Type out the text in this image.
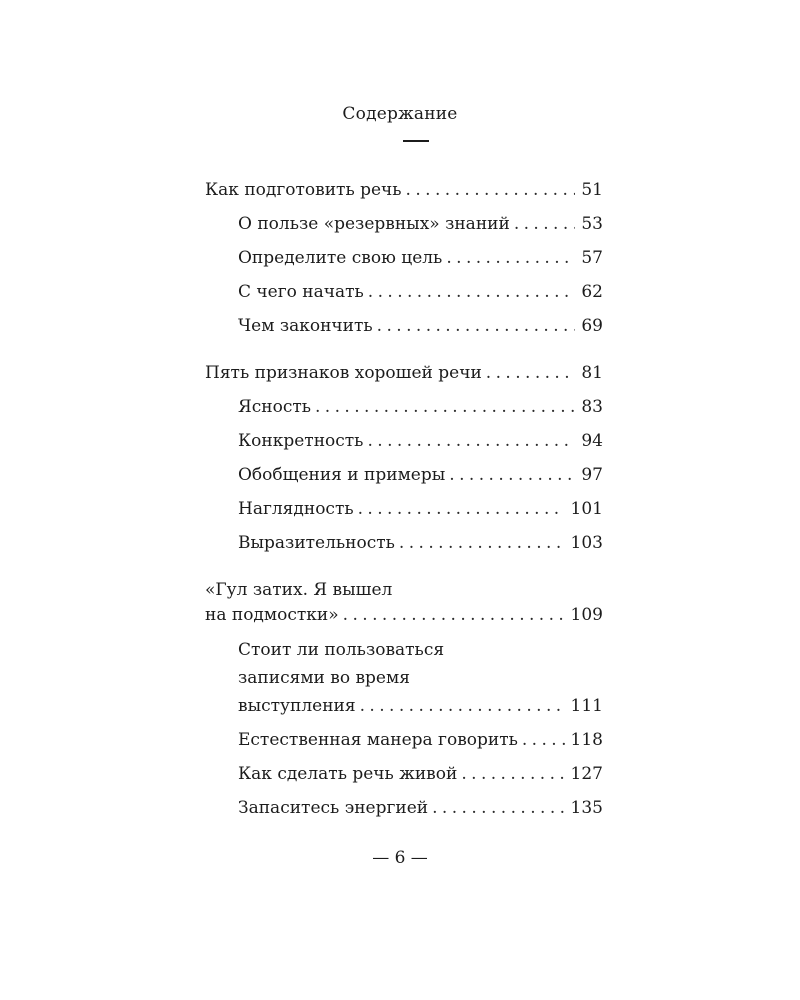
Содержание
Как подготовить речь . . .	51
О пользе «резервных» знаний . . .	53
Определите свою цель . . .	57
С чего начать . . .	62
Чем закончить . . .	69
Пять признаков хорошей речи . . .	81
Ясность . . .	83
Конкретность . . .	94
Обобщения и примеры . . .	97
Наглядность . . .	101
Выразительность . . .	103
«Гул затих. Я вышел
на подмостки» . . .	109
Стоит ли пользоваться
записями во время
выступления . . .	111
Естественная манера говорить . . .	118
Как сделать речь живой . . .	127
Запаситесь энергией . . .	135
— 6 —
